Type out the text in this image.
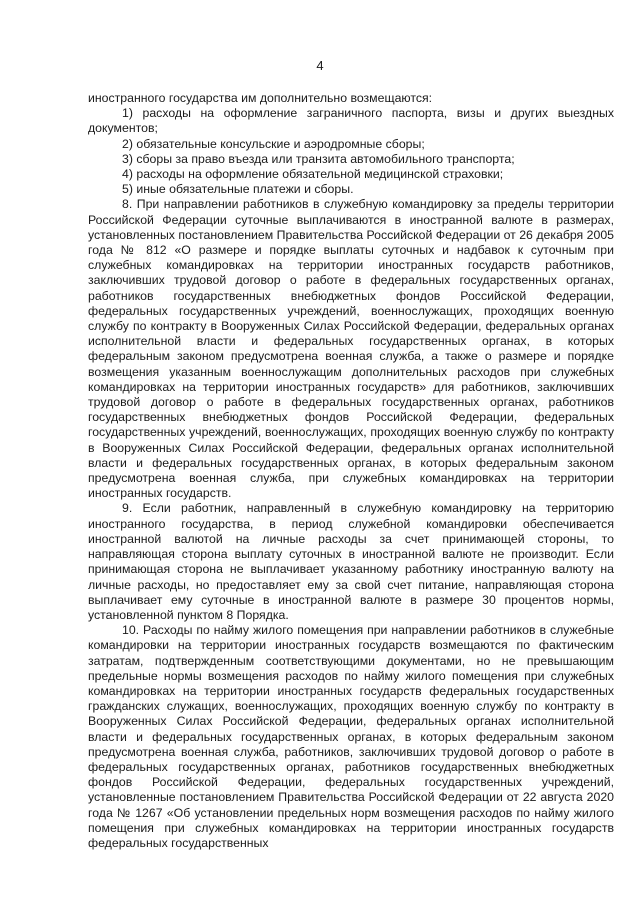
4

иностранного государства им дополнительно возмещаются:

1) расходы на оформление заграничного паспорта, визы и других выездных документов;

2) обязательные консульские и аэродромные сборы;

3) сборы за право въезда или транзита автомобильного транспорта;

4) расходы на оформление обязательной медицинской страховки;

5) иные обязательные платежи и сборы.

8. При направлении работников в служебную командировку за пределы территории Российской Федерации суточные выплачиваются в иностранной валюте в размерах, установленных постановлением Правительства Российской Федерации от 26 декабря 2005 года № 812 «О размере и порядке выплаты суточных и надбавок к суточным при служебных командировках на территории иностранных государств работников, заключивших трудовой договор о работе в федеральных государственных органах, работников государственных внебюджетных фондов Российской Федерации, федеральных государственных учреждений, военнослужащих, проходящих военную службу по контракту в Вооруженных Силах Российской Федерации, федеральных органах исполнительной власти и федеральных государственных органах, в которых федеральным законом предусмотрена военная служба, а также о размере и порядке возмещения указанным военнослужащим дополнительных расходов при служебных командировках на территории иностранных государств» для работников, заключивших трудовой договор о работе в федеральных государственных органах, работников государственных внебюджетных фондов Российской Федерации, федеральных государственных учреждений, военнослужащих, проходящих военную службу по контракту в Вооруженных Силах Российской Федерации, федеральных органах исполнительной власти и федеральных государственных органах, в которых федеральным законом предусмотрена военная служба, при служебных командировках на территории иностранных государств.

9. Если работник, направленный в служебную командировку на территорию иностранного государства, в период служебной командировки обеспечивается иностранной валютой на личные расходы за счет принимающей стороны, то направляющая сторона выплату суточных в иностранной валюте не производит. Если принимающая сторона не выплачивает указанному работнику иностранную валюту на личные расходы, но предоставляет ему за свой счет питание, направляющая сторона выплачивает ему суточные в иностранной валюте в размере 30 процентов нормы, установленной пунктом 8 Порядка.

10. Расходы по найму жилого помещения при направлении работников в служебные командировки на территории иностранных государств возмещаются по фактическим затратам, подтвержденным соответствующими документами, но не превышающим предельные нормы возмещения расходов по найму жилого помещения при служебных командировках на территории иностранных государств федеральных государственных гражданских служащих, военнослужащих, проходящих военную службу по контракту в Вооруженных Силах Российской Федерации, федеральных органах исполнительной власти и федеральных государственных органах, в которых федеральным законом предусмотрена военная служба, работников, заключивших трудовой договор о работе в федеральных государственных органах, работников государственных внебюджетных фондов Российской Федерации, федеральных государственных учреждений, установленные постановлением Правительства Российской Федерации от 22 августа 2020 года № 1267 «Об установлении предельных норм возмещения расходов по найму жилого помещения при служебных командировках на территории иностранных государств федеральных государственных
